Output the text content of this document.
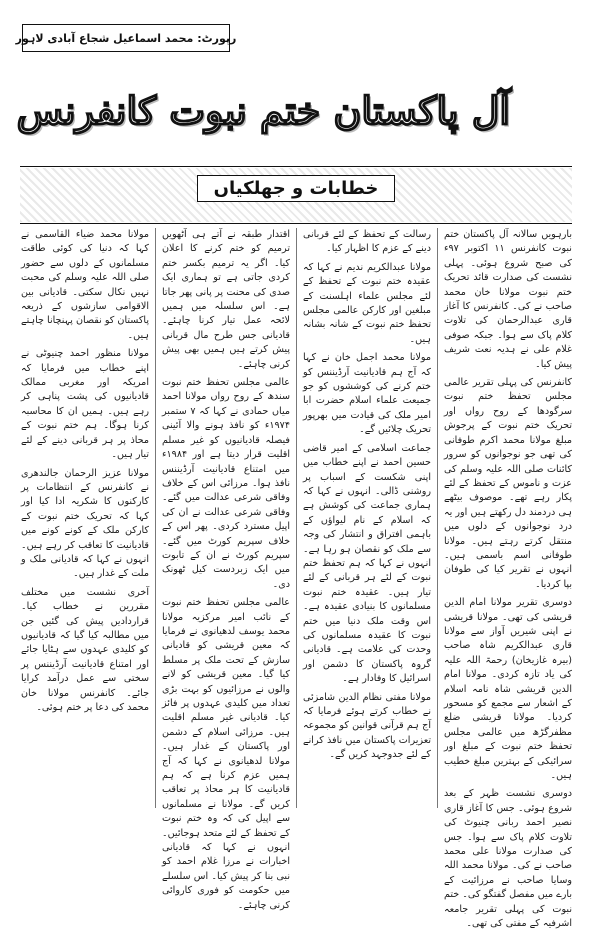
رپورٹ: محمد اسماعیل شجاع آبادی لاہور
آل پاکستان ختم نبوت کانفرنس
خطابات و جھلکیاں

بارہویں سالانہ آل پاکستان ختم نبوت کانفرنس ۱۱ اکتوبر ۹۷ء کی صبح شروع ہوئی۔ پہلی نشست کی صدارت قائد تحریک ختم نبوت مولانا خان محمد صاحب نے کی۔ کانفرنس کا آغاز قاری عبدالرحمان کی تلاوت کلام پاک سے ہوا۔ جبکہ صوفی غلام علی نے ہدیہ نعت شریف پیش کیا۔

کانفرنس کی پہلی تقریر عالمی مجلس تحفظ ختم نبوت سرگودھا کے روح رواں اور تحریک ختم نبوت کے پرجوش مبلغ مولانا محمد اکرم طوفانی کی تھی جو نوجوانوں کو سرور کائنات صلی اللہ علیہ وسلم کی عزت و ناموس کے تحفظ کے لئے پکار رہے تھے۔ موصوف بیٹھے ہی دردمند دل رکھتے ہیں اور یہ درد نوجوانوں کے دلوں میں منتقل کرتے رہتے ہیں۔ مولانا طوفانی اسم باسمی ہیں۔ انہوں نے تقریر کیا کی طوفان بپا کردیا۔

دوسری تقریر مولانا امام الدین قریشی کی تھی۔ مولانا قریشی نے اپنی شیریں آواز سے مولانا قاری عبدالکریم شاہ صاحب (بیرہ غازیخان) رحمۃ اللہ علیہ کی یاد تازہ کردی۔ مولانا امام الدین قریشی شاہ نامہ اسلام کے اشعار سے مجمع کو مسحور کردیا۔ مولانا قریشی ضلع مظفرگڑھ میں عالمی مجلس تحفظ ختم نبوت کے مبلغ اور سرائیکی کے بہترین مبلغ خطیب ہیں۔

دوسری نشست ظہر کے بعد شروع ہوئی۔ جس کا آغاز قاری نصیر احمد ربانی چنیوٹ کی تلاوت کلام پاک سے ہوا۔ جس کی صدارت مولانا علی محمد صاحب نے کی۔ مولانا محمد اللہ وسایا صاحب نے مرزائیت کے بارے میں مفصل گفتگو کی۔ ختم نبوت کی پہلی تقریر جامعہ اشرفیہ کے مفتی کی تھی۔

رسالت کے تحفظ کے لئے قربانی دینے کے عزم کا اظہار کیا۔

مولانا عبدالکریم ندیم نے کہا کہ عقیدہ ختم نبوت کے تحفظ کے لئے مجلس علماء اہلسنت کے مبلغین اور کارکن عالمی مجلس تحفظ ختم نبوت کے شانہ بشانہ ہیں۔

مولانا محمد اجمل خان نے کہا کہ آج ہم قادیانیت آرڈیننس کو ختم کرنے کی کوششوں کو جو جمیعت علماء اسلام حضرت ابا امیر ملک کی قیادت میں بھرپور تحریک چلائیں گے۔

جماعت اسلامی کے امیر قاضی حسین احمد نے اپنے خطاب میں اپنی شکست کے اسباب پر روشنی ڈالی۔ انہوں نے کہا کہ ہماری جماعت کی کوشش ہے کہ اسلام کے نام لیواؤں کے باہمی افتراق و انتشار کی وجہ سے ملک کو نقصان ہو رہا ہے۔ انہوں نے کہا کہ ہم تحفظ ختم نبوت کے لئے ہر قربانی کے لئے تیار ہیں۔ عقیدہ ختم نبوت مسلمانوں کا بنیادی عقیدہ ہے۔ اس وقت ملک دنیا میں ختم نبوت کا عقیدہ مسلمانوں کی وحدت کی علامت ہے۔ قادیانی گروہ پاکستان کا دشمن اور اسرائیل کا وفادار ہے۔

مولانا مفتی نظام الدین شامزئی نے خطاب کرتے ہوئے فرمایا کہ آج ہم قرآنی قوانین کو مجموعہ تعزیرات پاکستان میں نافذ کرانے کے لئے جدوجہد کریں گے۔

اقتدار طبقہ نے آتے ہی آٹھویں ترمیم کو ختم کرنے کا اعلان کیا۔ اگر یہ ترمیم بکسر ختم کردی جاتی ہے تو ہماری ایک صدی کی محنت پر پانی پھر جاتا ہے۔ اس سلسلہ میں ہمیں لائحہ عمل تیار کرنا چاہئے۔ قادیانی جس طرح مال قربانی پیش کرتے ہیں ہمیں بھی پیش کرنی چاہئے۔

عالمی مجلس تحفظ ختم نبوت سندھ کے روح رواں مولانا احمد میاں حمادی نے کہا کہ ۷ ستمبر ۱۹۷۴ء کو نافذ ہونے والا آئینی فیصلہ قادیانیوں کو غیر مسلم اقلیت قرار دیتا ہے اور ۱۹۸۴ء میں امتناع قادیانیت آرڈیننس نافذ ہوا۔ مرزائی اس کے خلاف وفاقی شرعی عدالت میں گئے۔ وفاقی شرعی عدالت نے ان کی اپیل مسترد کردی۔ پھر اس کے خلاف سپریم کورٹ میں گئے۔ سپریم کورٹ نے ان کے تابوت میں ایک زبردست کیل ٹھونک دی۔

عالمی مجلس تحفظ ختم نبوت کے نائب امیر مرکزیہ مولانا محمد یوسف لدھیانوی نے فرمایا کہ معین قریشی کو قادیانی سازش کے تحت ملک پر مسلط کیا گیا۔ معین قریشی کو لانے والوں نے مرزائیوں کو بہت بڑی تعداد میں کلیدی عہدوں پر فائز کیا۔ قادیانی غیر مسلم اقلیت ہیں۔ مرزائی اسلام کے دشمن اور پاکستان کے غدار ہیں۔ مولانا لدھیانوی نے کہا کہ آج ہمیں عزم کرنا ہے کہ ہم قادیانیت کا ہر محاذ پر تعاقب کریں گے۔ مولانا نے مسلمانوں سے اپیل کی کہ وہ ختم نبوت کے تحفظ کے لئے متحد ہوجائیں۔ انہوں نے کہا کہ قادیانی اخبارات نے مرزا غلام احمد کو نبی بنا کر پیش کیا۔ اس سلسلے میں حکومت کو فوری کاروائی کرنی چاہئے۔

مولانا محمد ضیاء القاسمی نے کہا کہ دنیا کی کوئی طاقت مسلمانوں کے دلوں سے حضور صلی اللہ علیہ وسلم کی محبت نہیں نکال سکتی۔ قادیانی بین الاقوامی سازشوں کے ذریعہ پاکستان کو نقصان پہنچانا چاہتے ہیں۔

مولانا منظور احمد چنیوٹی نے اپنے خطاب میں فرمایا کہ امریکہ اور مغربی ممالک قادیانیوں کی پشت پناہی کر رہے ہیں۔ ہمیں ان کا محاسبہ کرنا ہوگا۔ ہم ختم نبوت کے محاذ پر ہر قربانی دینے کے لئے تیار ہیں۔

مولانا عزیز الرحمان جالندھری نے کانفرنس کے انتظامات پر کارکنوں کا شکریہ ادا کیا اور کہا کہ تحریک ختم نبوت کے کارکن ملک کے کونے کونے میں قادیانیت کا تعاقب کر رہے ہیں۔ انہوں نے کہا کہ قادیانی ملک و ملت کے غدار ہیں۔

آخری نشست میں مختلف مقررین نے خطاب کیا۔ قراردادیں پیش کی گئیں جن میں مطالبہ کیا گیا کہ قادیانیوں کو کلیدی عہدوں سے ہٹایا جائے اور امتناع قادیانیت آرڈیننس پر سختی سے عمل درآمد کرایا جائے۔ کانفرنس مولانا خان محمد کی دعا پر ختم ہوئی۔
